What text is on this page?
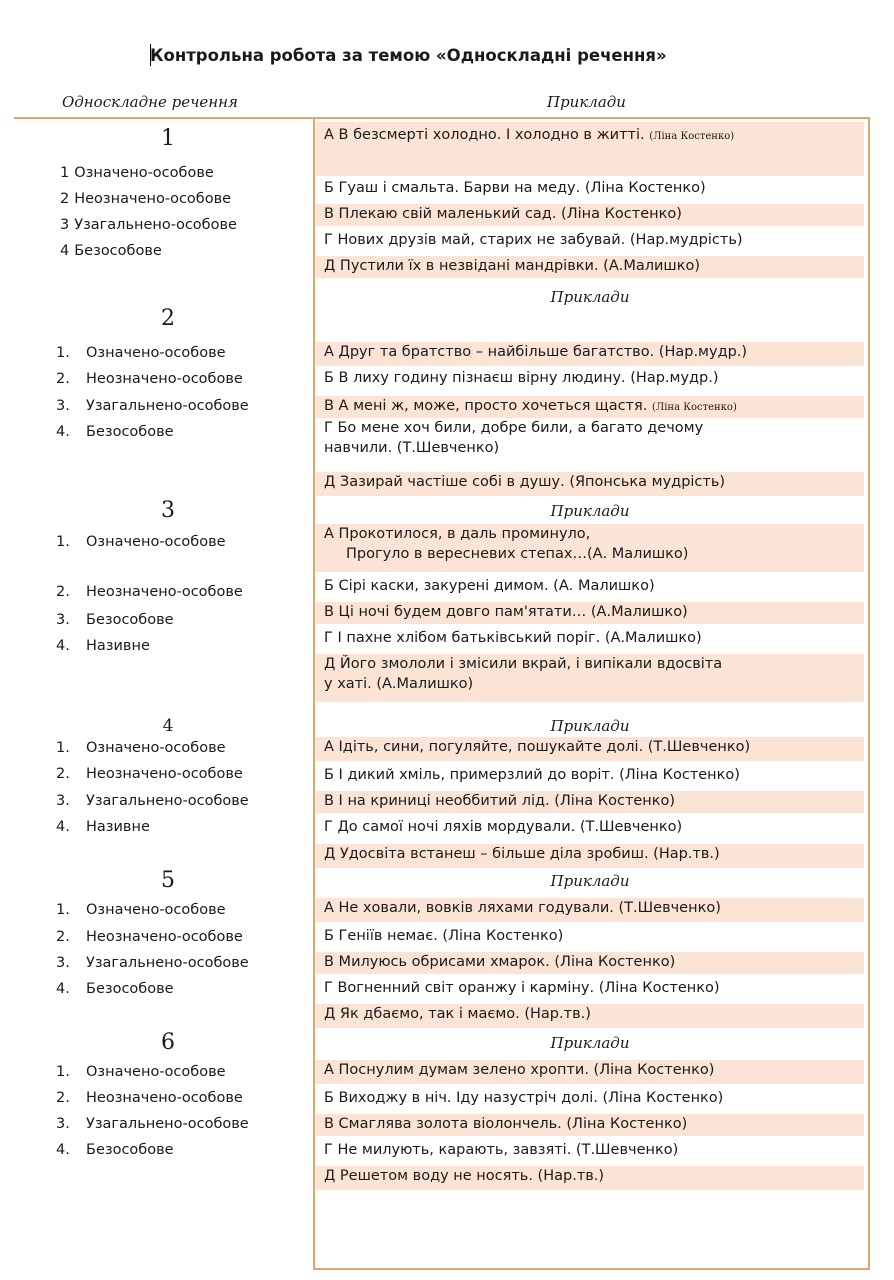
Контрольна робота за темою «Односкладні речення»
Односкладне речення	Приклади
1
1 Означено-особове
2 Неозначено-особове
3 Узагальнено-особове
4 Безособове
2
1. Означено-особове
2. Неозначено-особове
3. Узагальнено-особове
4. Безособове
3
1. Означено-особове
2. Неозначено-особове
3. Безособове
4. Називне
4
1. Означено-особове
2. Неозначено-особове
3. Узагальнено-особове
4. Називне
5
1. Означено-особове
2. Неозначено-особове
3. Узагальнено-особове
4. Безособове
6
1. Означено-особове
2. Неозначено-особове
3. Узагальнено-особове
4. Безособове
А В безсмерті холодно. І холодно в житті. (Ліна Костенко)
Б Гуаш і смальта. Барви на меду. (Ліна Костенко)
В Плекаю свій маленький сад. (Ліна Костенко)
Г Нових друзів май, старих не забувай. (Нар.мудрість)
Д Пустили їх в незвідані мандрівки. (А.Малишко)
Приклади
А Друг та братство – найбільше багатство. (Нар.мудр.)
Б В лиху годину пізнаєш вірну людину. (Нар.мудр.)
В А мені ж, може, просто хочеться щастя. (Ліна Костенко)
Г Бо мене хоч били, добре били, а багато дечому
навчили. (Т.Шевченко)
Д Зазирай частіше собі в душу. (Японська мудрість)
Приклади
А Прокотилося, в даль проминуло,
Прогуло в вересневих степах…(А. Малишко)
Б Сірі каски, закурені димом. (А. Малишко)
В Ці ночі будем довго пам'ятати… (А.Малишко)
Г І пахне хлібом батьківський поріг. (А.Малишко)
Д Його змололи і змісили вкрай, і випікали вдосвіта
у хаті. (А.Малишко)
Приклади
А Ідіть, сини, погуляйте, пошукайте долі. (Т.Шевченко)
Б І дикий хміль, примерзлий до воріт. (Ліна Костенко)
В І на криниці необбитий лід. (Ліна Костенко)
Г До самої ночі ляхів мордували. (Т.Шевченко)
Д Удосвіта встанеш – більше діла зробиш. (Нар.тв.)
Приклади
А Не ховали, вовків ляхами годували. (Т.Шевченко)
Б Геніїв немає. (Ліна Костенко)
В Милуюсь обрисами хмарок. (Ліна Костенко)
Г Вогненний світ оранжу і карміну. (Ліна Костенко)
Д Як дбаємо, так і маємо. (Нар.тв.)
Приклади
А Поснулим думам зелено хропти. (Ліна Костенко)
Б Виходжу в ніч. Іду назустріч долі. (Ліна Костенко)
В Смаглява золота віолончель. (Ліна Костенко)
Г Не милують, карають, завзяті. (Т.Шевченко)
Д Решетом воду не носять. (Нар.тв.)
